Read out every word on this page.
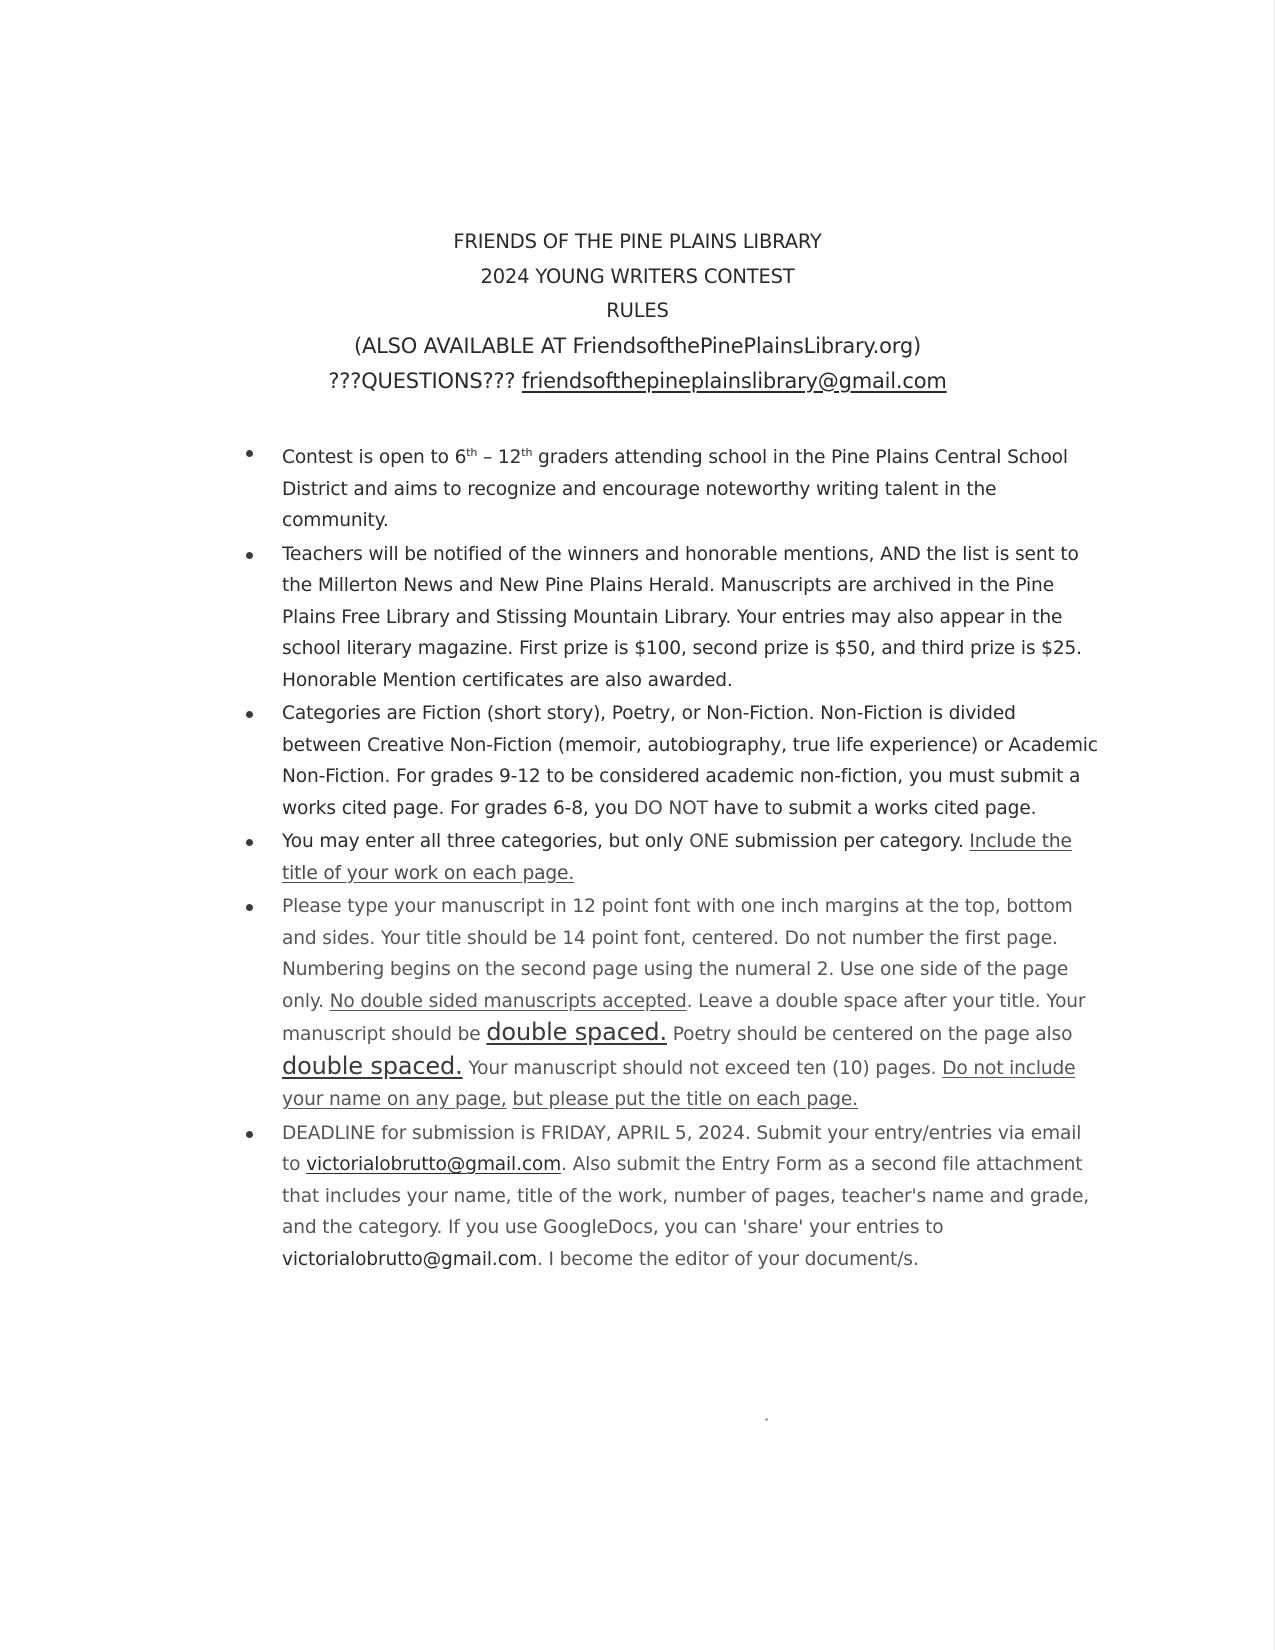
FRIENDS OF THE PINE PLAINS LIBRARY
2024 YOUNG WRITERS CONTEST
RULES
(ALSO AVAILABLE AT FriendsofthePinePlainsLibrary.org)
???QUESTIONS??? friendsofthepineplainslibrary@gmail.com
Contest is open to 6th – 12th graders attending school in the Pine Plains Central School District and aims to recognize and encourage noteworthy writing talent in the community.
Teachers will be notified of the winners and honorable mentions, AND the list is sent to the Millerton News and New Pine Plains Herald. Manuscripts are archived in the Pine Plains Free Library and Stissing Mountain Library. Your entries may also appear in the school literary magazine. First prize is $100, second prize is $50, and third prize is $25. Honorable Mention certificates are also awarded.
Categories are Fiction (short story), Poetry, or Non-Fiction. Non-Fiction is divided between Creative Non-Fiction (memoir, autobiography, true life experience) or Academic Non-Fiction. For grades 9-12 to be considered academic non-fiction, you must submit a works cited page. For grades 6-8, you DO NOT have to submit a works cited page.
You may enter all three categories, but only ONE submission per category. Include the title of your work on each page.
Please type your manuscript in 12 point font with one inch margins at the top, bottom and sides. Your title should be 14 point font, centered. Do not number the first page. Numbering begins on the second page using the numeral 2. Use one side of the page only. No double sided manuscripts accepted. Leave a double space after your title. Your manuscript should be double spaced. Poetry should be centered on the page also double spaced. Your manuscript should not exceed ten (10) pages. Do not include your name on any page, but please put the title on each page.
DEADLINE for submission is FRIDAY, APRIL 5, 2024. Submit your entry/entries via email to victorialobrutto@gmail.com. Also submit the Entry Form as a second file attachment that includes your name, title of the work, number of pages, teacher's name and grade, and the category. If you use GoogleDocs, you can 'share' your entries to victorialobrutto@gmail.com. I become the editor of your document/s.
